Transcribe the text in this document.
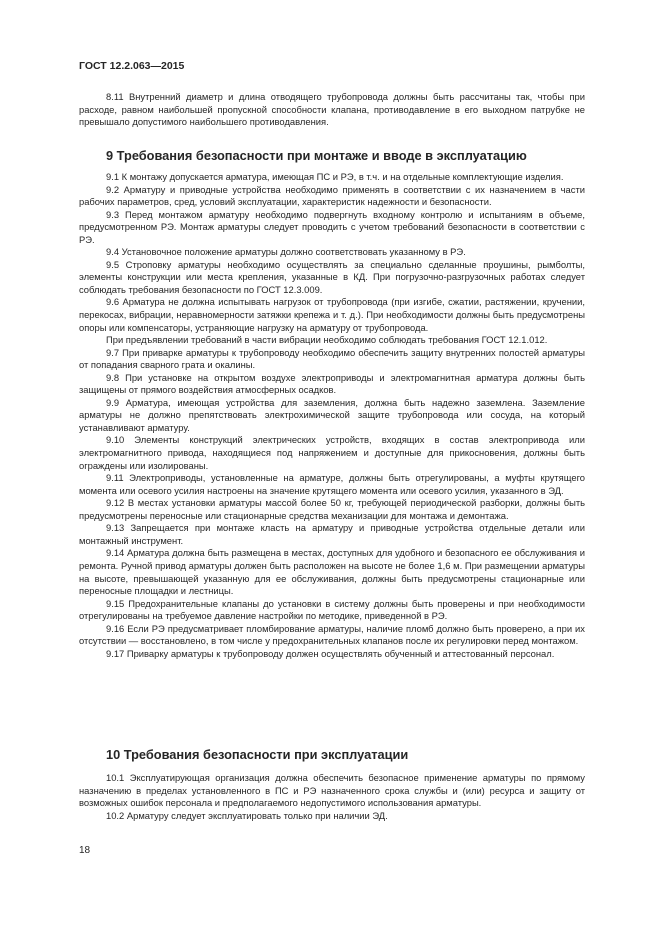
ГОСТ 12.2.063—2015

8.11 Внутренний диаметр и длина отводящего трубопровода должны быть рассчитаны так, чтобы при расходе, равном наибольшей пропускной способности клапана, противодавление в его выходном патрубке не превышало допустимого наибольшего противодавления.

9 Требования безопасности при монтаже и вводе в эксплуатацию

9.1 К монтажу допускается арматура, имеющая ПС и РЭ, в т.ч. и на отдельные комплектующие изделия.

9.2 Арматуру и приводные устройства необходимо применять в соответствии с их назначением в части рабочих параметров, сред, условий эксплуатации, характеристик надежности и безопасности.

9.3 Перед монтажом арматуру необходимо подвергнуть входному контролю и испытаниям в объеме, предусмотренном РЭ. Монтаж арматуры следует проводить с учетом требований безопасности в соответствии с РЭ.

9.4 Установочное положение арматуры должно соответствовать указанному в РЭ.

9.5 Строповку арматуры необходимо осуществлять за специально сделанные проушины, рымболты, элементы конструкции или места крепления, указанные в КД. При погрузочно-разгрузочных работах следует соблюдать требования безопасности по ГОСТ 12.3.009.

9.6 Арматура не должна испытывать нагрузок от трубопровода (при изгибе, сжатии, растяжении, кручении, перекосах, вибрации, неравномерности затяжки крепежа и т. д.). При необходимости должны быть предусмотрены опоры или компенсаторы, устраняющие нагрузку на арматуру от трубопровода.

При предъявлении требований в части вибрации необходимо соблюдать требования ГОСТ 12.1.012.

9.7 При приварке арматуры к трубопроводу необходимо обеспечить защиту внутренних полостей арматуры от попадания сварного грата и окалины.

9.8 При установке на открытом воздухе электроприводы и электромагнитная арматура должны быть защищены от прямого воздействия атмосферных осадков.

9.9 Арматура, имеющая устройства для заземления, должна быть надежно заземлена. Заземление арматуры не должно препятствовать электрохимической защите трубопровода или сосуда, на который устанавливают арматуру.

9.10 Элементы конструкций электрических устройств, входящих в состав электропривода или электромагнитного привода, находящиеся под напряжением и доступные для прикосновения, должны быть ограждены или изолированы.

9.11 Электроприводы, установленные на арматуре, должны быть отрегулированы, а муфты крутящего момента или осевого усилия настроены на значение крутящего момента или осевого усилия, указанного в ЭД.

9.12 В местах установки арматуры массой более 50 кг, требующей периодической разборки, должны быть предусмотрены переносные или стационарные средства механизации для монтажа и демонтажа.

9.13 Запрещается при монтаже класть на арматуру и приводные устройства отдельные детали или монтажный инструмент.

9.14 Арматура должна быть размещена в местах, доступных для удобного и безопасного ее обслуживания и ремонта. Ручной привод арматуры должен быть расположен на высоте не более 1,6 м. При размещении арматуры на высоте, превышающей указанную для ее обслуживания, должны быть предусмотрены стационарные или переносные площадки и лестницы.

9.15 Предохранительные клапаны до установки в систему должны быть проверены и при необходимости отрегулированы на требуемое давление настройки по методике, приведенной в РЭ.

9.16 Если РЭ предусматривает пломбирование арматуры, наличие пломб должно быть проверено, а при их отсутствии — восстановлено, в том числе у предохранительных клапанов после их регулировки перед монтажом.

9.17 Приварку арматуры к трубопроводу должен осуществлять обученный и аттестованный персонал.

10 Требования безопасности при эксплуатации

10.1 Эксплуатирующая организация должна обеспечить безопасное применение арматуры по прямому назначению в пределах установленного в ПС и РЭ назначенного срока службы и (или) ресурса и защиту от возможных ошибок персонала и предполагаемого недопустимого использования арматуры.

10.2 Арматуру следует эксплуатировать только при наличии ЭД.

18
